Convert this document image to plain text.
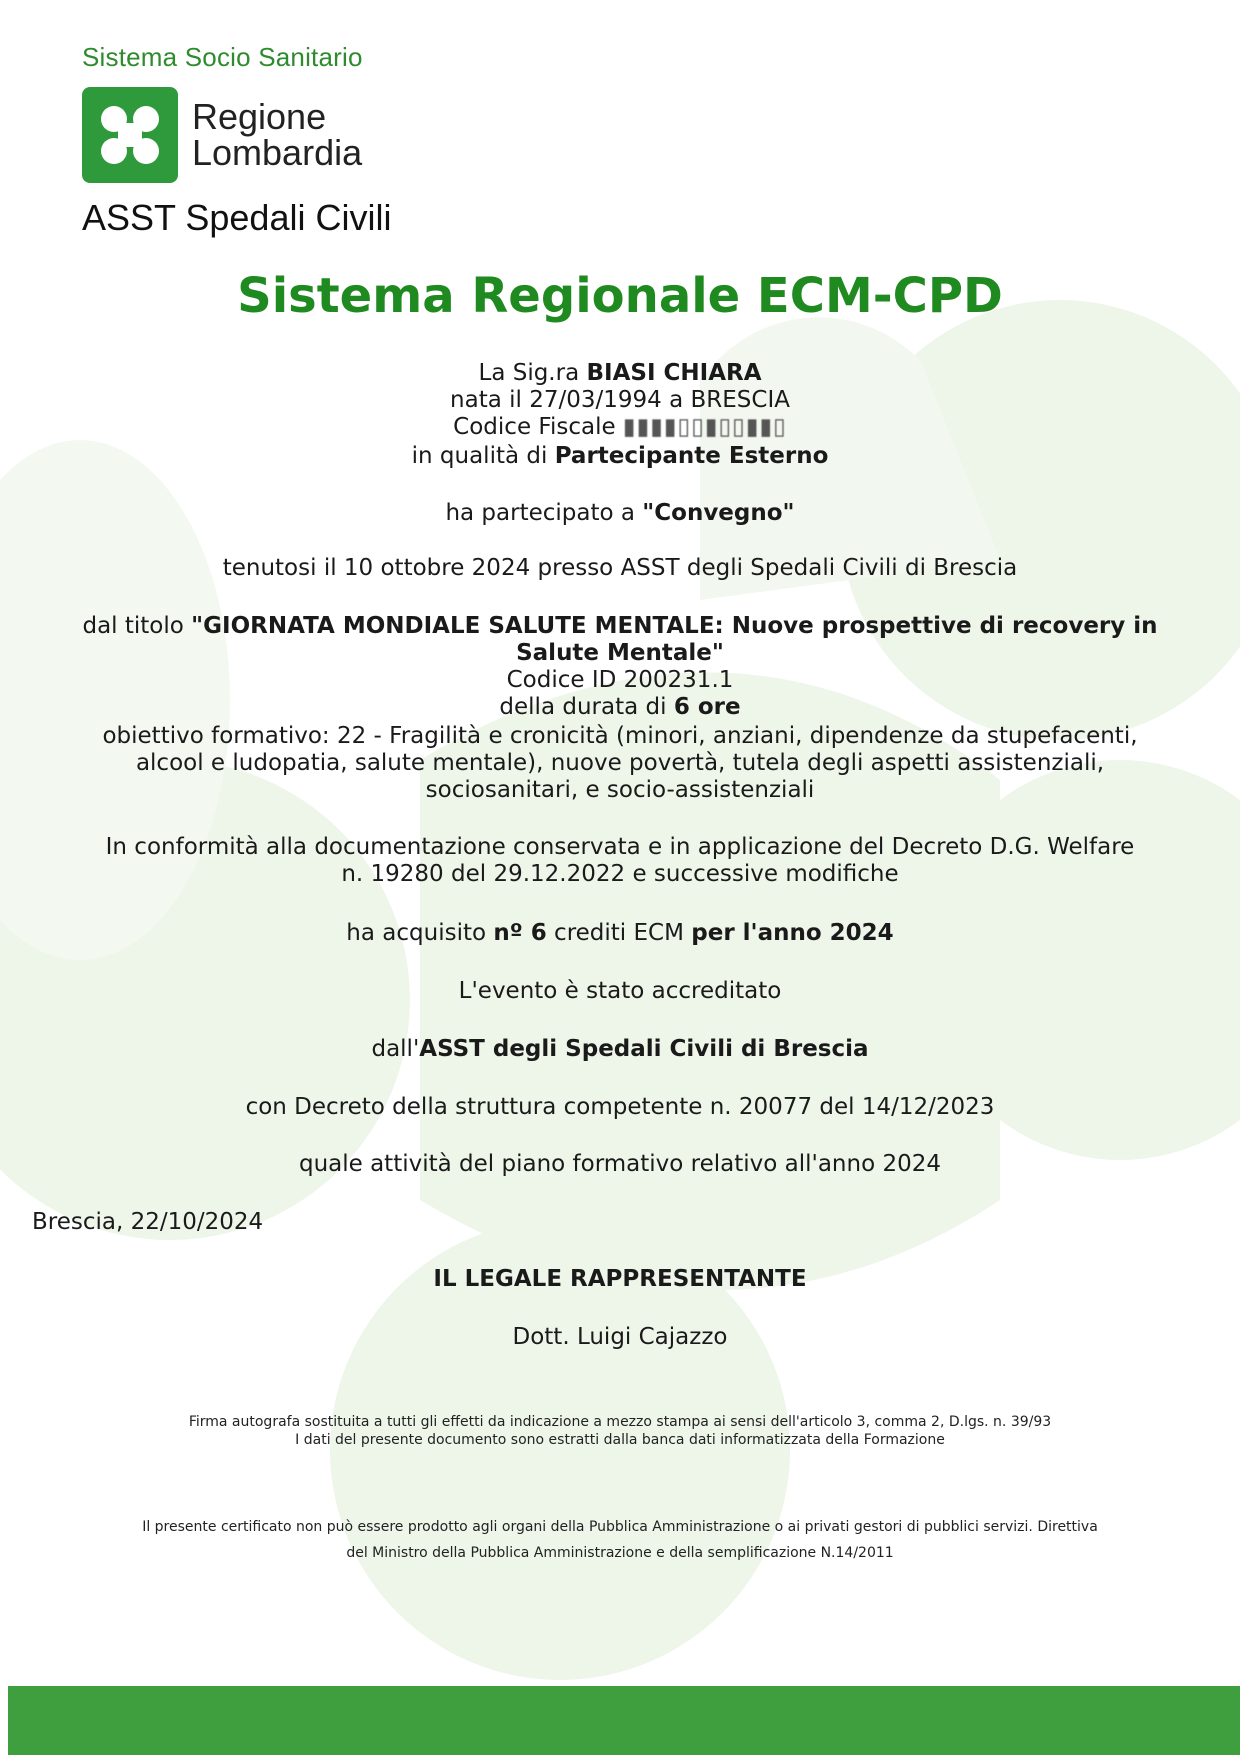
Sistema Socio Sanitario
Regione
Lombardia
ASST Spedali Civili
Sistema Regionale ECM-CPD
La Sig.ra BIASI CHIARA
nata il 27/03/1994 a BRESCIA
Codice Fiscale ▮▮▮▮▯▯▮▯▯▮▮▯
in qualità di Partecipante Esterno
ha partecipato a "Convegno"
tenutosi il 10 ottobre 2024 presso ASST degli Spedali Civili di Brescia
dal titolo "GIORNATA MONDIALE SALUTE MENTALE: Nuove prospettive di recovery in
Salute Mentale"
Codice ID 200231.1
della durata di 6 ore
obiettivo formativo: 22 - Fragilità e cronicità (minori, anziani, dipendenze da stupefacenti,
alcool e ludopatia, salute mentale), nuove povertà, tutela degli aspetti assistenziali,
sociosanitari, e socio-assistenziali
In conformità alla documentazione conservata e in applicazione del Decreto D.G. Welfare
n. 19280 del 29.12.2022 e successive modifiche
ha acquisito nº 6 crediti ECM per l'anno 2024
L'evento è stato accreditato
dall'ASST degli Spedali Civili di Brescia
con Decreto della struttura competente n. 20077 del 14/12/2023
quale attività del piano formativo relativo all'anno 2024
Brescia, 22/10/2024
IL LEGALE RAPPRESENTANTE
Dott. Luigi Cajazzo
Firma autografa sostituita a tutti gli effetti da indicazione a mezzo stampa ai sensi dell'articolo 3, comma 2, D.lgs. n. 39/93
I dati del presente documento sono estratti dalla banca dati informatizzata della Formazione
Il presente certificato non può essere prodotto agli organi della Pubblica Amministrazione o ai privati gestori di pubblici servizi. Direttiva
del Ministro della Pubblica Amministrazione e della semplificazione N.14/2011
